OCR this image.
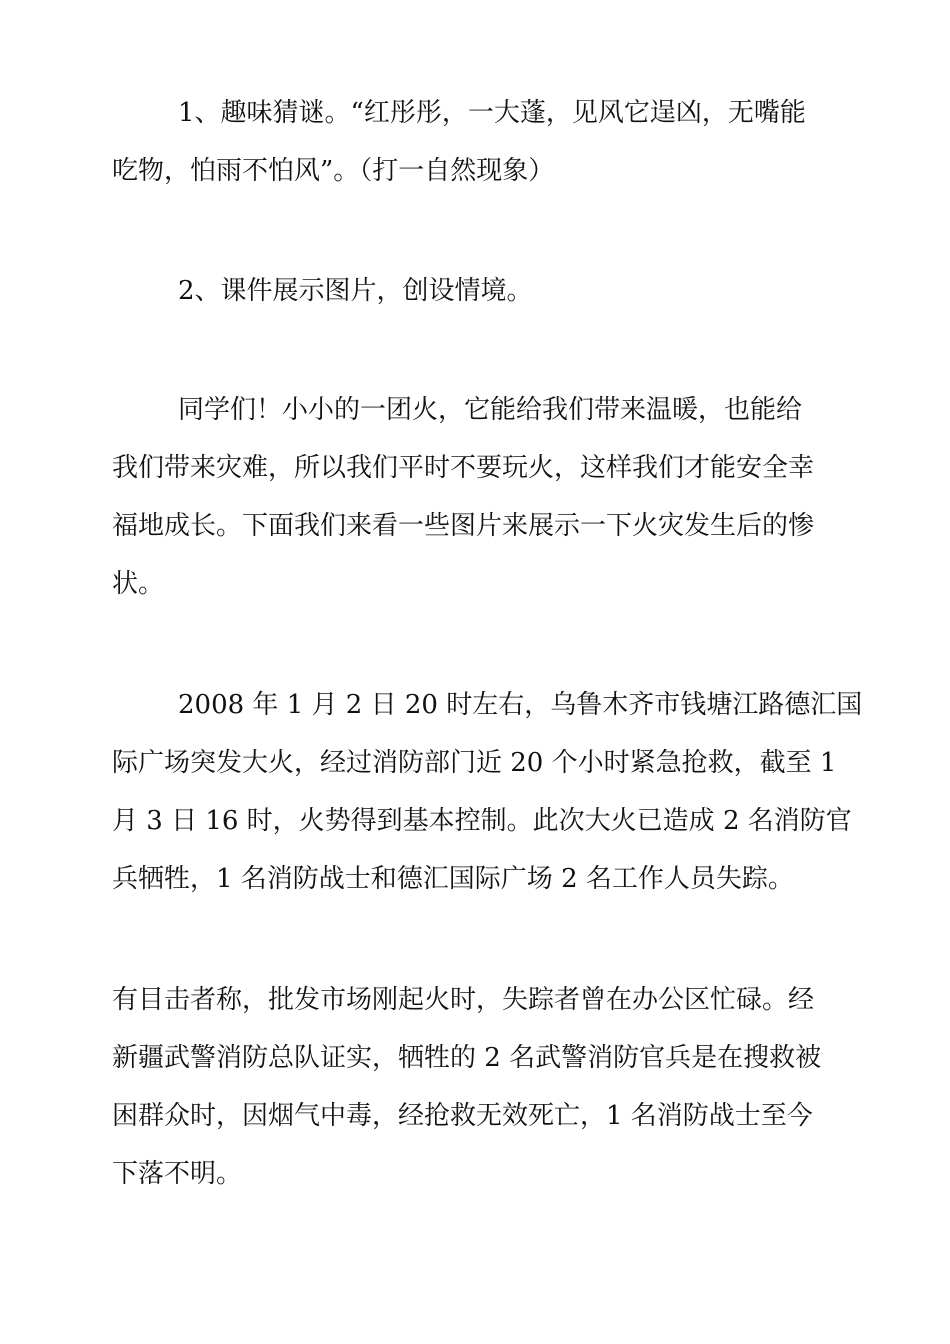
1、趣味猜谜。“红彤彤，一大蓬，见风它逞凶，无嘴能
吃物，怕雨不怕风”。（打一自然现象）
2、课件展示图片，创设情境。
同学们！小小的一团火，它能给我们带来温暖，也能给
我们带来灾难，所以我们平时不要玩火，这样我们才能安全幸
福地成长。下面我们来看一些图片来展示一下火灾发生后的惨
状。
2008 年 1 月 2 日 20 时左右，乌鲁木齐市钱塘江路德汇国
际广场突发大火，经过消防部门近 20 个小时紧急抢救，截至 1
月 3 日 16 时，火势得到基本控制。此次大火已造成 2 名消防官
兵牺牲，1 名消防战士和德汇国际广场 2 名工作人员失踪。
有目击者称，批发市场刚起火时，失踪者曾在办公区忙碌。经
新疆武警消防总队证实，牺牲的 2 名武警消防官兵是在搜救被
困群众时，因烟气中毒，经抢救无效死亡，1 名消防战士至今
下落不明。
